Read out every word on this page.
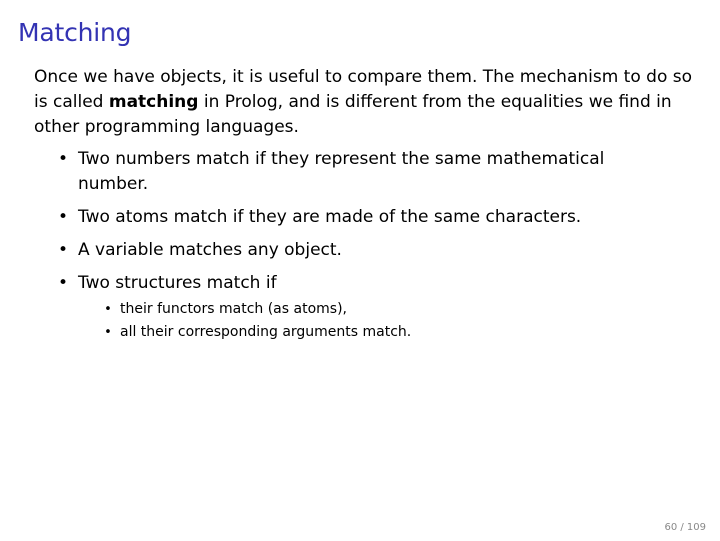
Matching

Once we have objects, it is useful to compare them. The mechanism to do so is called matching in Prolog, and is different from the equalities we find in other programming languages.

• Two numbers match if they represent the same mathematical number.
• Two atoms match if they are made of the same characters.
• A variable matches any object.
• Two structures match if
• their functors match (as atoms),
• all their corresponding arguments match.
60 / 109
